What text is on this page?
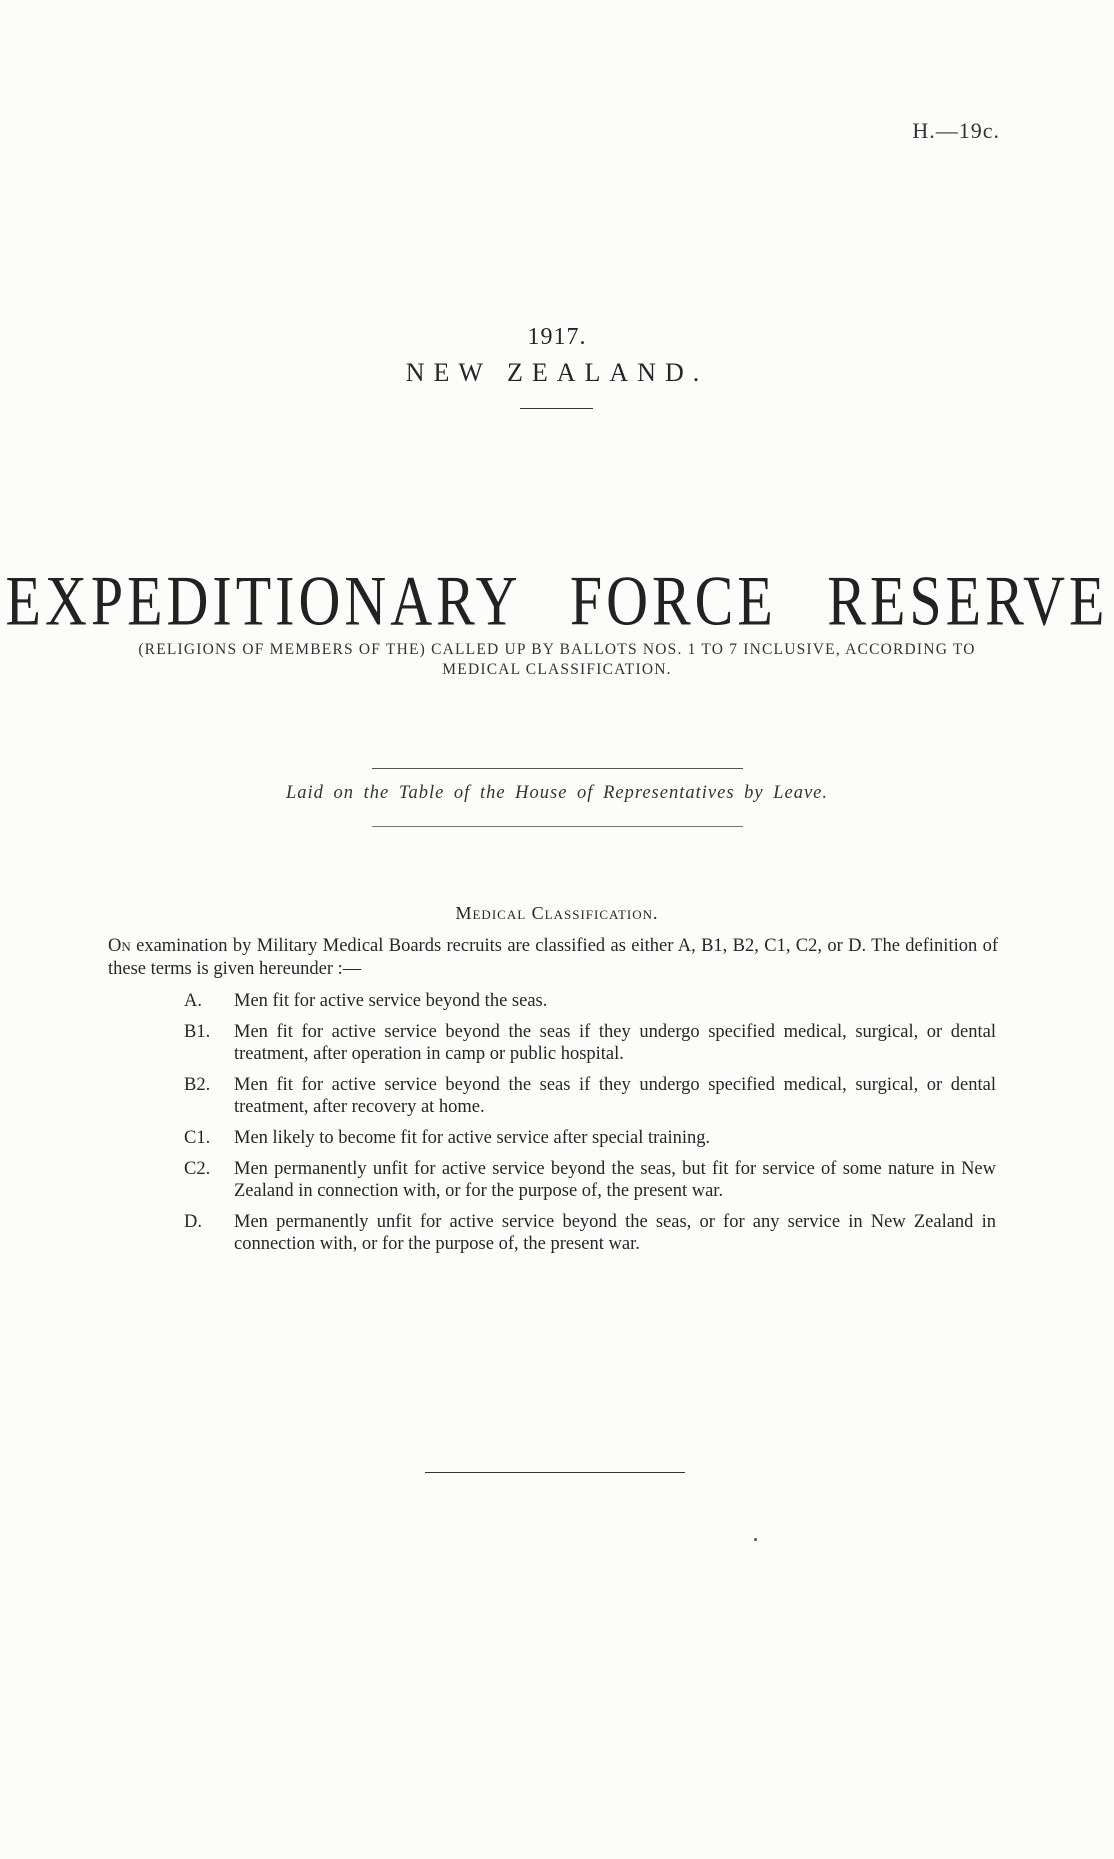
H.—19c.
1917.
NEW ZEALAND.
EXPEDITIONARY FORCE RESERVE
(RELIGIONS OF MEMBERS OF THE) CALLED UP BY BALLOTS NOS. 1 TO 7 INCLUSIVE, ACCORDING TO MEDICAL CLASSIFICATION.
Laid on the Table of the House of Representatives by Leave.
Medical Classification.
On examination by Military Medical Boards recruits are classified as either A, B1, B2, C1, C2, or D. The definition of these terms is given hereunder :—
A.	Men fit for active service beyond the seas.
B1.	Men fit for active service beyond the seas if they undergo specified medical, surgical, or dental treatment, after operation in camp or public hospital.
B2.	Men fit for active service beyond the seas if they undergo specified medical, surgical, or dental treatment, after recovery at home.
C1.	Men likely to become fit for active service after special training.
C2.	Men permanently unfit for active service beyond the seas, but fit for service of some nature in New Zealand in connection with, or for the purpose of, the present war.
D.	Men permanently unfit for active service beyond the seas, or for any service in New Zealand in connection with, or for the purpose of, the present war.
